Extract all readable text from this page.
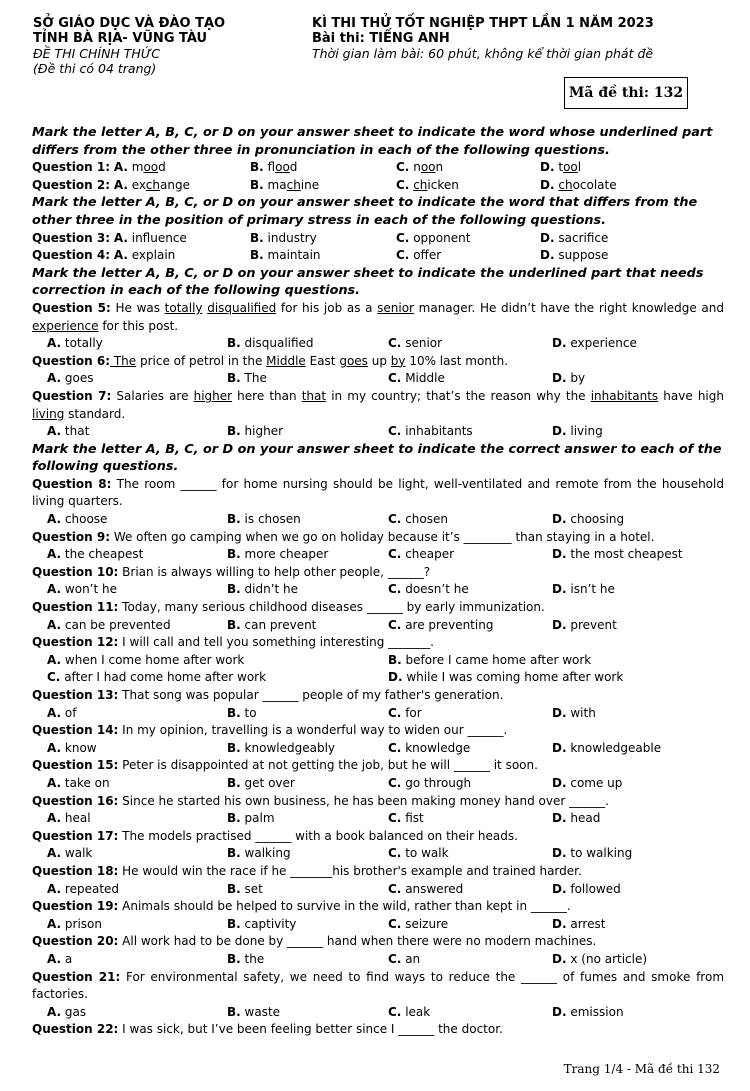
SỞ GIÁO DỤC VÀ ĐÀO TẠO
TỈNH BÀ RỊA- VŨNG TÀU
ĐỀ THI CHÍNH THỨC
(Đề thi có 04 trang)
KÌ THI THỬ TỐT NGHIỆP THPT LẦN 1 NĂM 2023
Bài thi: TIẾNG ANH
Thời gian làm bài: 60 phút, không kể thời gian phát đề
Mã đề thi: 132
Mark the letter A, B, C, or D on your answer sheet to indicate the word whose underlined part differs from the other three in pronunciation in each of the following questions.
Question 1: A. mood	B. flood	C. noon	D. tool
Question 2: A. exchange	B. machine	C. chicken	D. chocolate
Mark the letter A, B, C, or D on your answer sheet to indicate the word that differs from the other three in the position of primary stress in each of the following questions.
Question 3: A. influence	B. industry	C. opponent	D. sacrifice
Question 4: A. explain	B. maintain	C. offer	D. suppose
Mark the letter A, B, C, or D on your answer sheet to indicate the underlined part that needs correction in each of the following questions.

Question 5: He was totally disqualified for his job as a senior manager. He didn’t have the right knowledge and experience for this post.

A. totally	B. disqualified	C. senior	D. experience

Question 6: The price of petrol in the Middle East goes up by 10% last month.

A. goes	B. The	C. Middle	D. by

Question 7: Salaries are higher here than that in my country; that’s the reason why the inhabitants have high living standard.

A. that	B. higher	C. inhabitants	D. living
Mark the letter A, B, C, or D on your answer sheet to indicate the correct answer to each of the following questions.

Question 8: The room ______ for home nursing should be light, well-ventilated and remote from the household living quarters.

A. choose	B. is chosen	C. chosen	D. choosing

Question 9: We often go camping when we go on holiday because it’s ________ than staying in a hotel.

A. the cheapest	B. more cheaper	C. cheaper	D. the most cheapest

Question 10: Brian is always willing to help other people, ______?

A. won’t he	B. didn’t he	C. doesn’t he	D. isn’t he

Question 11: Today, many serious childhood diseases ______ by early immunization.

A. can be prevented	B. can prevent	C. are preventing	D. prevent

Question 12: I will call and tell you something interesting _______.

A. when I come home after work	B. before I came home after work
C. after I had come home after work	D. while I was coming home after work

Question 13: That song was popular ______ people of my father's generation.

A. of	B. to	C. for	D. with

Question 14: In my opinion, travelling is a wonderful way to widen our ______.

A. know	B. knowledgeably	C. knowledge	D. knowledgeable

Question 15: Peter is disappointed at not getting the job, but he will ______ it soon.

A. take on	B. get over	C. go through	D. come up

Question 16: Since he started his own business, he has been making money hand over ______.

A. heal	B. palm	C. fist	D. head

Question 17: The models practised ______ with a book balanced on their heads.

A. walk	B. walking	C. to walk	D. to walking

Question 18: He would win the race if he _______his brother's example and trained harder.

A. repeated	B. set	C. answered	D. followed

Question 19: Animals should be helped to survive in the wild, rather than kept in ______.

A. prison	B. captivity	C. seizure	D. arrest

Question 20: All work had to be done by ______ hand when there were no modern machines.

A. a	B. the	C. an	D. x (no article)

Question 21: For environmental safety, we need to find ways to reduce the ______ of fumes and smoke from factories.

A. gas	B. waste	C. leak	D. emission

Question 22: I was sick, but I’ve been feeling better since I ______ the doctor.

Trang 1/4 - Mã đề thi 132
